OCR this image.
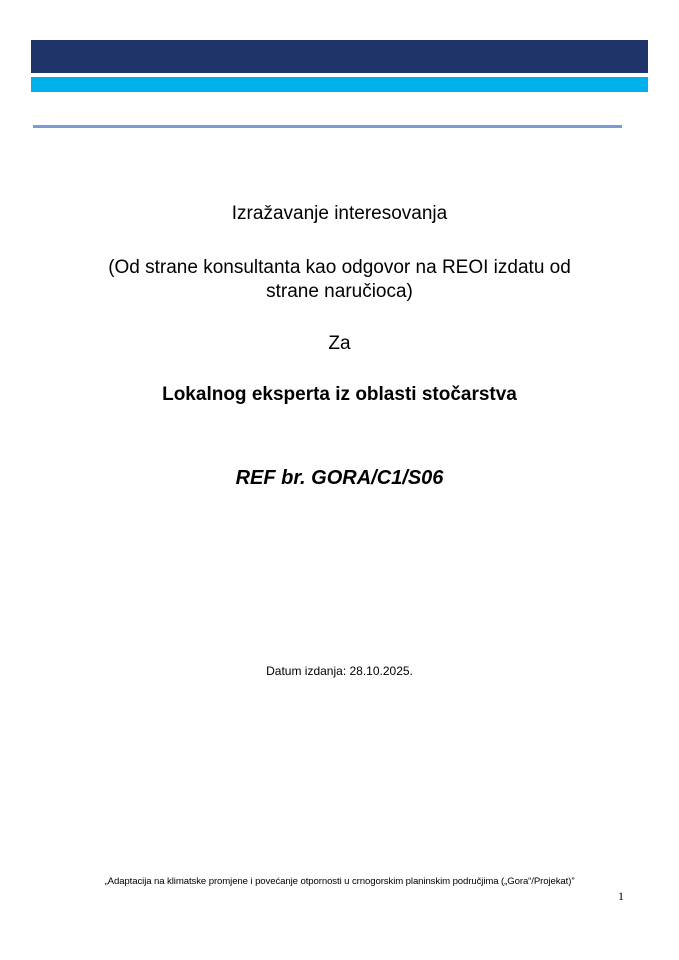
Izražavanje interesovanja
(Od strane konsultanta kao odgovor na REOI izdatu od
strane naručioca)
Za
Lokalnog eksperta iz oblasti stočarstva
REF br. GORA/C1/S06
Datum izdanja: 28.10.2025.
„Adaptacija na klimatske promjene i povećanje otpornosti u crnogorskim planinskim područjima („Gora“/Projekat)”
1
